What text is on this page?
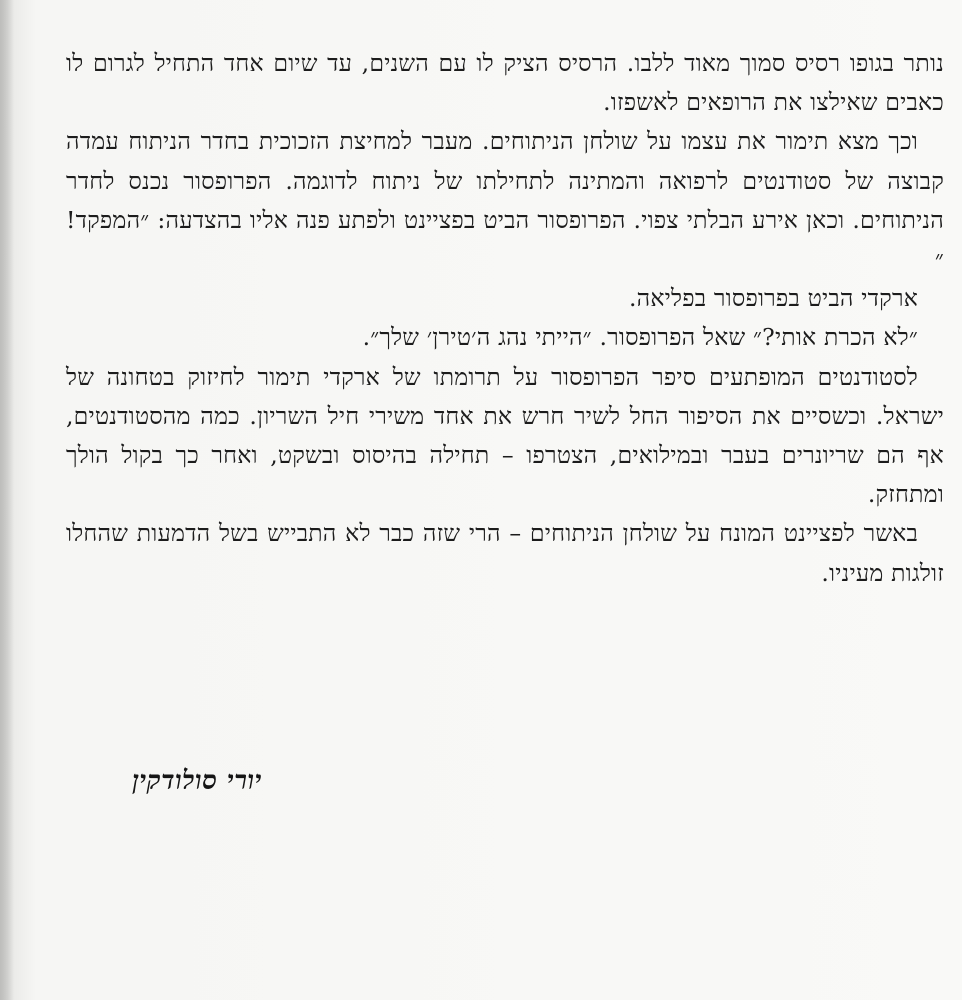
נותר בגופו רסיס סמוך מאוד ללבו. הרסיס הציק לו עם השנים, עד שיום אחד התחיל לגרום לו כאבים שאילצו את הרופאים לאשפזו.

וכך מצא תימור את עצמו על שולחן הניתוחים. מעבר למחיצת הזכוכית בחדר הניתוח עמדה קבוצה של סטודנטים לרפואה והמתינה לתחילתו של ניתוח לדוגמה. הפרופסור נכנס לחדר הניתוחים. וכאן אירע הבלתי צפוי. הפרופסור הביט בפציינט ולפתע פנה אליו בהצדעה: ״המפקד!״

ארקדי הביט בפרופסור בפליאה.

״לא הכרת אותי?״ שאל הפרופסור. ״הייתי נהג ה׳טירן׳ שלך״.

לסטודנטים המופתעים סיפר הפרופסור על תרומתו של ארקדי תימור לחיזוק בטחונה של ישראל. וכשסיים את הסיפור החל לשיר חרש את אחד משירי חיל השריון. כמה מהסטודנטים, אף הם שריונרים בעבר ובמילואים, הצטרפו – תחילה בהיסוס ובשקט, ואחר כך בקול הולך ומתחזק.

באשר לפציינט המונח על שולחן הניתוחים – הרי שזה כבר לא התבייש בשל הדמעות שהחלו זולגות מעיניו.

יורי סולודקין
